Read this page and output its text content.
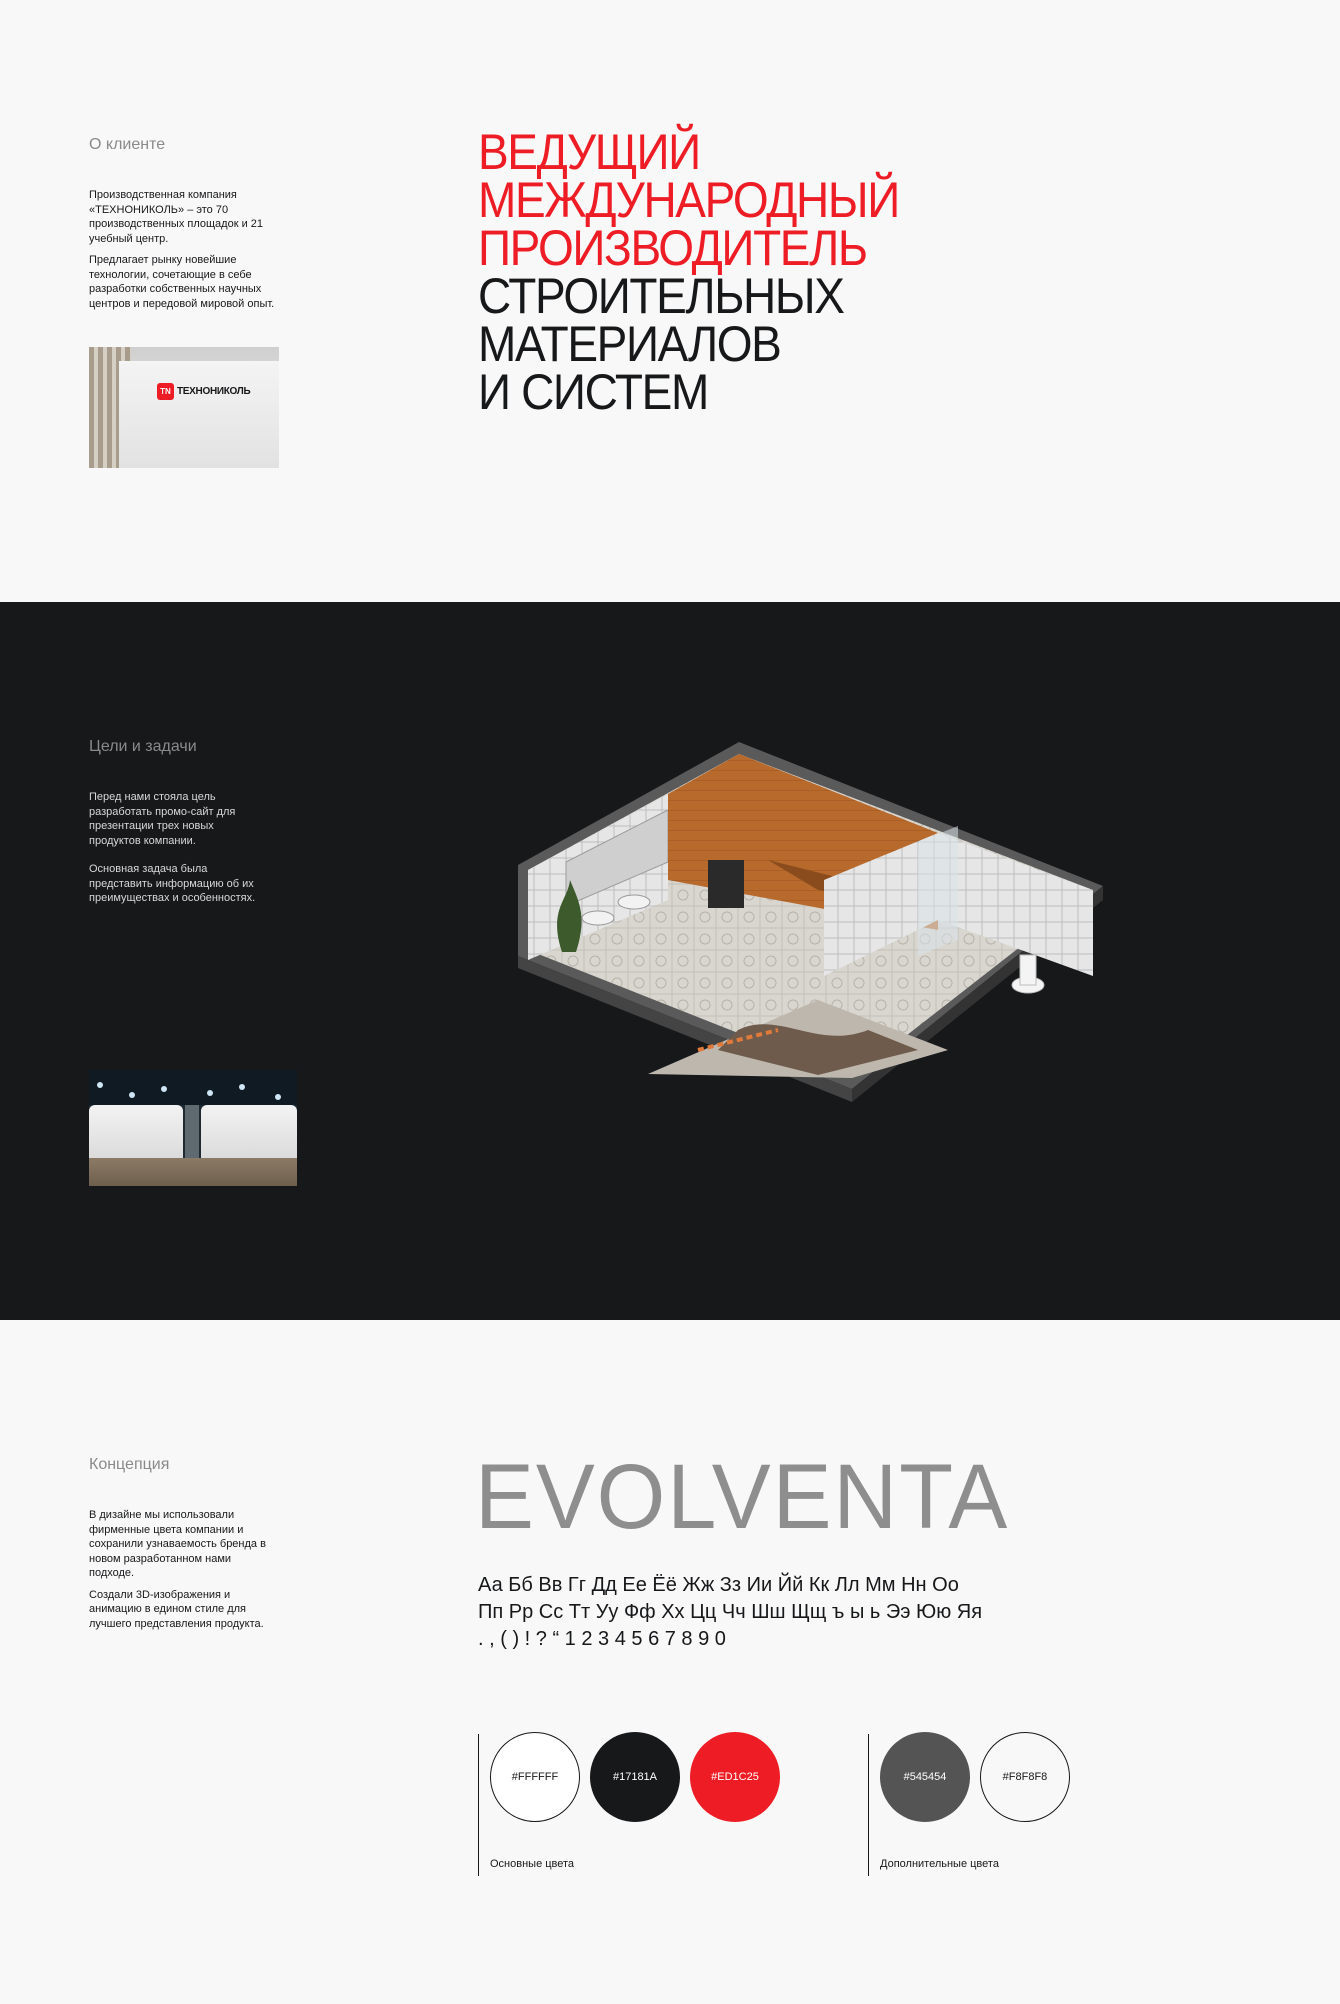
О клиенте

Производственная компания «ТЕХНОНИКОЛЬ» – это 70 производственных площадок и 21 учебный центр.

Предлагает рынку новейшие технологии, сочетающие в себе разработки собственных научных центров и передовой мировой опыт.

TN ТЕХНОНИКОЛЬ
ВЕДУЩИЙ
МЕЖДУНАРОДНЫЙ
ПРОИЗВОДИТЕЛЬ
СТРОИТЕЛЬНЫХ
МАТЕРИАЛОВ
И СИСТЕМ
Цели и задачи

Перед нами стояла цель разработать промо-сайт для презентации трех новых продуктов компании.

Основная задача была представить информацию об их преимуществах и особенностях.

Концепция

В дизайне мы использовали фирменные цвета компании и сохранили узнаваемость бренда в новом разработанном нами подходе.

Создали 3D-изображения и анимацию в едином стиле для лучшего представления продукта.

EVOLVENTA
Аа Бб Вв Гг Дд Ее Ёё Жж Зз Ии Йй Кк Лл Мм Нн Оо
Пп Рр Сс Тт Уу Фф Хх Цц Чч Шш Щщ ъ ы ь Ээ Юю Яя
. , ( ) ! ? “ 1 2 3 4 5 6 7 8 9 0
#FFFFFF	#17181A	#ED1C25
Основные цвета
#545454	#F8F8F8
Дополнительные цвета
